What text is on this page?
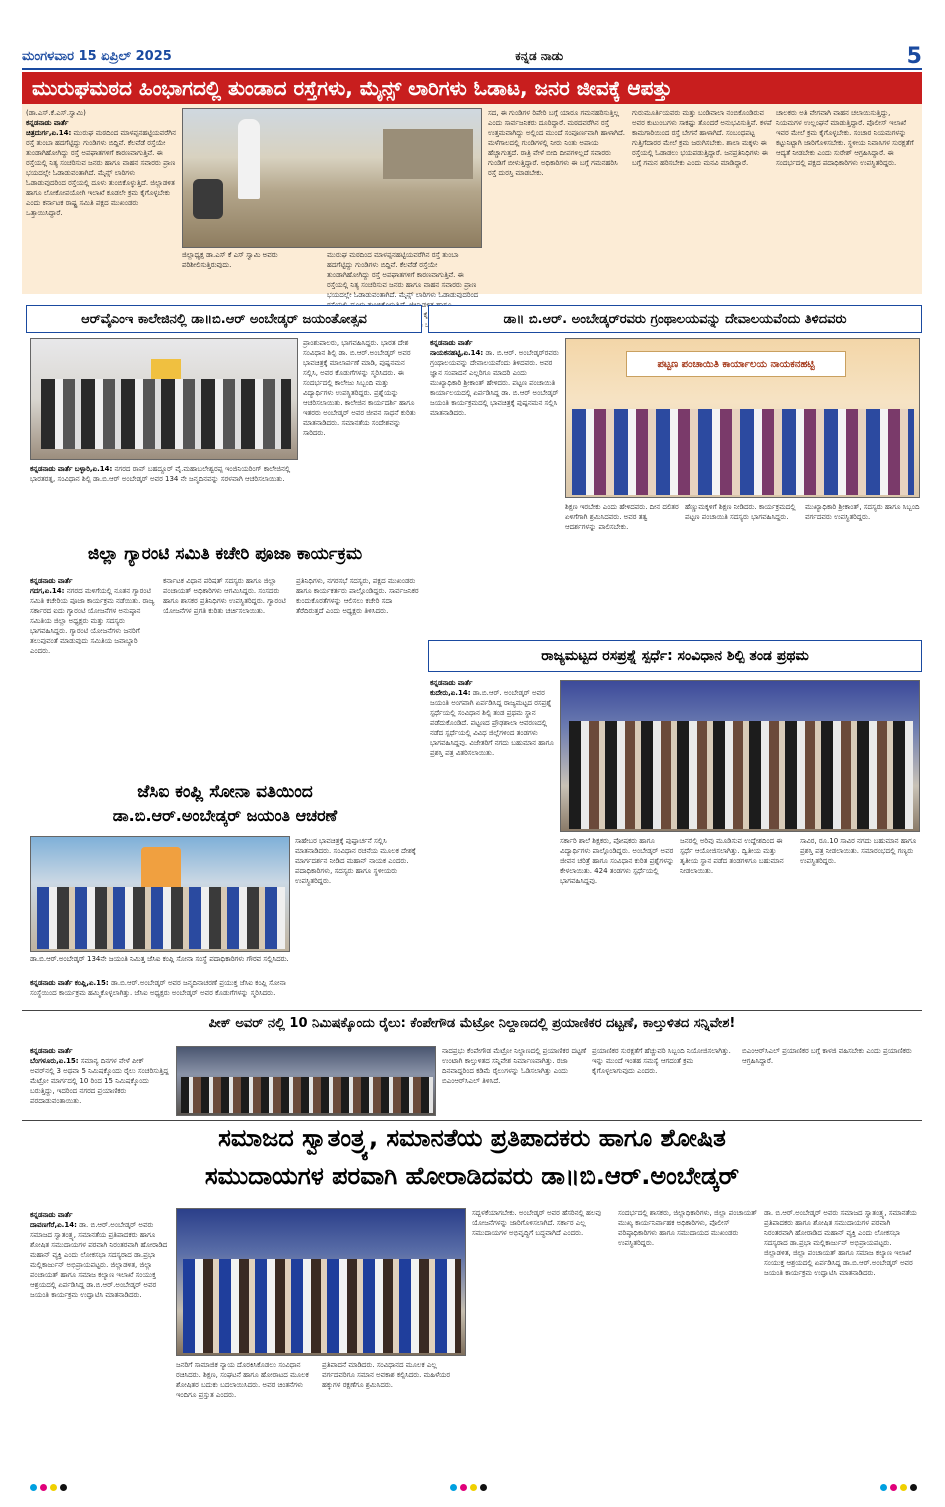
ಮಂಗಳವಾರ 15 ಏಪ್ರಿಲ್ 2025	ಕನ್ನಡ ನಾಡು	5
ಮುರುಘಮಠದ ಹಿಂಭಾಗದಲ್ಲಿ ತುಂಡಾದ ರಸ್ತೆಗಳು, ಮೈನ್ಸ್ ಲಾರಿಗಳು ಓಡಾಟ, ಜನರ ಜೀವಕ್ಕೆ ಆಪತ್ತು
(ಡಾ.ಎಸ್.ಕೆ.ಎಸ್.ಸ್ವಾಮಿ)
ಕನ್ನಡನಾಡು ವಾರ್ತೆ
ಚಿತ್ರದುರ್ಗ,ಏ.14: ಮುರುಘ ಮಠದಿಂದ ಮಾಳಪ್ಪನಹಟ್ಟಿಯವರೆಗಿನ ರಸ್ತೆ ತುಂಬಾ ಹದಗೆಟ್ಟಿದ್ದು ಗುಂಡಿಗಳು ಬಿದ್ದಿವೆ. ಕೆಲವೆಡೆ ರಸ್ತೆಯೇ ತುಂಡಾಗಿಹೋಗಿದ್ದು ರಸ್ತೆ ಅಪಘಾತಗಳಿಗೆ ಕಾರಣವಾಗುತ್ತಿವೆ. ಈ ರಸ್ತೆಯಲ್ಲಿ ನಿತ್ಯ ಸಂಚರಿಸುವ ಜನರು ಹಾಗೂ ವಾಹನ ಸವಾರರು ಪ್ರಾಣ ಭಯದಲ್ಲೇ ಓಡಾಡುವಂತಾಗಿದೆ. ಮೈನ್ಸ್ ಲಾರಿಗಳು ಓಡಾಡುವುದರಿಂದ ರಸ್ತೆಯಲ್ಲಿ ದೂಳು ತುಂಬಿಕೊಳ್ಳುತ್ತಿದೆ. ಜಿಲ್ಲಾಡಳಿತ ಹಾಗೂ ಲೋಕೋಪಯೋಗಿ ಇಲಾಖೆ ಕೂಡಲೇ ಕ್ರಮ ಕೈಗೊಳ್ಳಬೇಕು ಎಂದು ಕರ್ನಾಟಕ ರಾಷ್ಟ್ರ ಸಮಿತಿ ಪಕ್ಷದ ಮುಖಂಡರು ಒತ್ತಾಯಿಸಿದ್ದಾರೆ.
ಜಿಲ್ಲಾಧ್ಯಕ್ಷ ಡಾ.ಎಸ್ ಕೆ ಎಸ್ ಸ್ವಾಮಿ ಅವರು ಪರಿಶೀಲಿಸುತ್ತಿರುವುದು.
ಮುರುಘ ಮಠದಿಂದ ಮಾಳಪ್ಪನಹಟ್ಟಿಯವರೆಗಿನ ರಸ್ತೆ ತುಂಬಾ ಹದಗೆಟ್ಟಿದ್ದು ಗುಂಡಿಗಳು ಬಿದ್ದಿವೆ. ಕೆಲವೆಡೆ ರಸ್ತೆಯೇ ತುಂಡಾಗಿಹೋಗಿದ್ದು ರಸ್ತೆ ಅಪಘಾತಗಳಿಗೆ ಕಾರಣವಾಗುತ್ತಿವೆ. ಈ ರಸ್ತೆಯಲ್ಲಿ ನಿತ್ಯ ಸಂಚರಿಸುವ ಜನರು ಹಾಗೂ ವಾಹನ ಸವಾರರು ಪ್ರಾಣ ಭಯದಲ್ಲೇ ಓಡಾಡುವಂತಾಗಿದೆ. ಮೈನ್ಸ್ ಲಾರಿಗಳು ಓಡಾಡುವುದರಿಂದ
ಸದ, ಈ ಗುಂಡಿಗಳ ರಿಪೇರಿ ಬಗ್ಗೆ ಯಾರೂ ಗಮನಹರಿಸುತ್ತಿಲ್ಲ ಎಂದು ಸಾರ್ವಜನಿಕರು ದೂರಿದ್ದಾರೆ. ಮಠದವರೆಗಿನ ರಸ್ತೆ ಉತ್ತಮವಾಗಿದ್ದು ಅಲ್ಲಿಂದ ಮುಂದೆ ಸಂಪೂರ್ಣವಾಗಿ ಹಾಳಾಗಿದೆ. ಮಳೆಗಾಲದಲ್ಲಿ ಗುಂಡಿಗಳಲ್ಲಿ ನೀರು ನಿಂತು ಅಪಾಯ ಹೆಚ್ಚಾಗುತ್ತದೆ. ರಾತ್ರಿ ವೇಳೆ ಬೀದಿ ದೀಪಗಳಿಲ್ಲದೆ ಸವಾರರು ಗುಂಡಿಗೆ ಬೀಳುತ್ತಿದ್ದಾರೆ. ಅಧಿಕಾರಿಗಳು ಈ ಬಗ್ಗೆ ಗಮನಹರಿಸಿ ರಸ್ತೆ ದುರಸ್ತಿ ಮಾಡಬೇಕು.
ಗುರುಮೂರ್ತಿಯವರು ಮತ್ತು ಬಂಡಿವಾಲಾ ನಂಬಿಕೊಂಡಿರುವ ಅವರ ಕುಟುಂಬಗಳು ಸಾಕಷ್ಟು ತೊಂದರೆ ಅನುಭವಿಸುತ್ತಿವೆ. ಕಳಪೆ ಕಾಮಗಾರಿಯಿಂದ ರಸ್ತೆ ಬೇಗನೆ ಹಾಳಾಗಿದೆ. ಸಂಬಂಧಪಟ್ಟ ಗುತ್ತಿಗೆದಾರರ ಮೇಲೆ ಕ್ರಮ ಜರುಗಿಸಬೇಕು. ಶಾಲಾ ಮಕ್ಕಳು ಈ ರಸ್ತೆಯಲ್ಲಿ ಓಡಾಡಲು ಭಯಪಡುತ್ತಿದ್ದಾರೆ. ಜನಪ್ರತಿನಿಧಿಗಳು ಈ ಬಗ್ಗೆ ಗಮನ ಹರಿಸಬೇಕು ಎಂದು ಮನವಿ ಮಾಡಿದ್ದಾರೆ.
ಚಾಲಕರು ಅತಿ ವೇಗವಾಗಿ ವಾಹನ ಚಲಾಯಿಸುತ್ತಿದ್ದು, ನಿಯಮಗಳ ಉಲ್ಲಂಘನೆ ಮಾಡುತ್ತಿದ್ದಾರೆ. ಪೊಲೀಸ್ ಇಲಾಖೆ ಇವರ ಮೇಲೆ ಕ್ರಮ ಕೈಗೊಳ್ಳಬೇಕು. ಸಂಚಾರ ನಿಯಮಗಳನ್ನು ಕಟ್ಟುನಿಟ್ಟಾಗಿ ಜಾರಿಗೊಳಿಸಬೇಕು. ಸ್ಥಳೀಯ ನಿವಾಸಿಗಳ ಸುರಕ್ಷತೆಗೆ ಆದ್ಯತೆ ನೀಡಬೇಕು ಎಂದು ಸುರೇಶ್ ಆಗ್ರಹಿಸಿದ್ದಾರೆ. ಈ ಸಂದರ್ಭದಲ್ಲಿ ಪಕ್ಷದ ಪದಾಧಿಕಾರಿಗಳು ಉಪಸ್ಥಿತರಿದ್ದರು.
ಆರ್‌ವೈಎಂಇ ಕಾಲೇಜಿನಲ್ಲಿ ಡಾ॥ಬಿ.ಆರ್ ಅಂಬೇಡ್ಕರ್ ಜಯಂತೋತ್ಸವ
ಕನ್ನಡನಾಡು ವಾರ್ತೆ ಬಳ್ಳಾರಿ,ಏ.14: ನಗರದ ರಾವ್ ಬಹದ್ದೂರ್ ವೈ.ಮಹಾಬಲೇಶ್ವರಪ್ಪ ಇಂಜಿನಿಯರಿಂಗ್ ಕಾಲೇಜಿನಲ್ಲಿ ಭಾರತರತ್ನ, ಸಂವಿಧಾನ ಶಿಲ್ಪಿ ಡಾ.ಬಿ.ಆರ್ ಅಂಬೇಡ್ಕರ್ ಅವರ 134 ನೇ ಜನ್ಮದಿನವನ್ನು ಸರಳವಾಗಿ ಆಚರಿಸಲಾಯಿತು.
ಪ್ರಾಂಶುಪಾಲರು, ಭಾಗವಹಿಸಿದ್ದರು. ಭಾರತ ದೇಶ ಸಂವಿಧಾನ ಶಿಲ್ಪಿ ಡಾ. ಬಿ.ಆರ್.ಅಂಬೇಡ್ಕರ್ ಅವರ ಭಾವಚಿತ್ರಕ್ಕೆ ಮಾಲಾರ್ಪಣೆ ಮಾಡಿ, ಪುಷ್ಪನಮನ ಸಲ್ಲಿಸಿ, ಅವರ ಕೊಡುಗೆಗಳನ್ನು ಸ್ಮರಿಸಿದರು. ಈ ಸಂದರ್ಭದಲ್ಲಿ ಕಾಲೇಜು ಸಿಬ್ಬಂದಿ ಮತ್ತು ವಿದ್ಯಾರ್ಥಿಗಳು ಉಪಸ್ಥಿತರಿದ್ದರು. ಪ್ರಶ್ನೆಯನ್ನು ಆಚರಿಸಲಾಯಿತು. ಕಾಲೇಜಿನ ಕಾರ್ಯದರ್ಶಿ ಹಾಗೂ ಇತರರು ಅಂಬೇಡ್ಕರ್ ಅವರ ಜೀವನ ಸಾಧನೆ ಕುರಿತು ಮಾತನಾಡಿದರು. ಸಮಾನತೆಯ ಸಂದೇಶವನ್ನು ಸಾರಿದರು.
ಡಾ॥ ಬಿ.ಆರ್. ಅಂಬೇಡ್ಕರ್‌ರವರು ಗ್ರಂಥಾಲಯವನ್ನು ದೇವಾಲಯವೆಂದು ತಿಳಿದವರು
ಕನ್ನಡನಾಡು ವಾರ್ತೆ
ನಾಯಕನಹಟ್ಟಿ,ಏ.14: ಡಾ. ಬಿ.ಆರ್. ಅಂಬೇಡ್ಕರ್‌ರವರು ಗ್ರಂಥಾಲಯವನ್ನು ದೇವಾಲಯವೆಂದು ತಿಳಿದವರು. ಅವರ ಜ್ಞಾನ ಸಂಪಾದನೆ ಎಲ್ಲರಿಗೂ ಮಾದರಿ ಎಂದು ಮುಖ್ಯಾಧಿಕಾರಿ ಶ್ರೀಕಾಂತ್ ಹೇಳಿದರು. ಪಟ್ಟಣ ಪಂಚಾಯಿತಿ ಕಾರ್ಯಾಲಯದಲ್ಲಿ ಏರ್ಪಡಿಸಿದ್ದ ಡಾ. ಬಿ.ಆರ್ ಅಂಬೇಡ್ಕರ್ ಜಯಂತಿ ಕಾರ್ಯಕ್ರಮದಲ್ಲಿ ಭಾವಚಿತ್ರಕ್ಕೆ ಪುಷ್ಪನಮನ ಸಲ್ಲಿಸಿ ಮಾತನಾಡಿದರು.
ಪಟ್ಟಣ ಪಂಚಾಯಿತಿ ಕಾರ್ಯಾಲಯ ನಾಯಕನಹಟ್ಟಿ
ಶಿಕ್ಷಣ ಇರಬೇಕು ಎಂದು ಹೇಳಿದವರು. ದೀನ ದಲಿತರ ಏಳಿಗೆಗಾಗಿ ಶ್ರಮಿಸಿದವರು. ಅವರ ತತ್ವ ಆದರ್ಶಗಳನ್ನು ಪಾಲಿಸಬೇಕು.
ಹೆಣ್ಣುಮಕ್ಕಳಿಗೆ ಶಿಕ್ಷಣ ನೀಡಿದರು. ಕಾರ್ಯಕ್ರಮದಲ್ಲಿ ಪಟ್ಟಣ ಪಂಚಾಯಿತಿ ಸದಸ್ಯರು ಭಾಗವಹಿಸಿದ್ದರು.
ಮುಖ್ಯಾಧಿಕಾರಿ ಶ್ರೀಕಾಂತ್, ಸದಸ್ಯರು ಹಾಗೂ ಸಿಬ್ಬಂದಿ ವರ್ಗದವರು ಉಪಸ್ಥಿತರಿದ್ದರು.
ಜಿಲ್ಲಾ ಗ್ಯಾರಂಟಿ ಸಮಿತಿ ಕಚೇರಿ ಪೂಜಾ ಕಾರ್ಯಕ್ರಮ
ಕನ್ನಡನಾಡು ವಾರ್ತೆ
ಗದಗ,ಏ.14: ನಗರದ ಮಳಿಗೆಯಲ್ಲಿ ನೂತನ ಗ್ಯಾರಂಟಿ ಸಮಿತಿ ಕಚೇರಿಯ ಪೂಜಾ ಕಾರ್ಯಕ್ರಮ ನಡೆಯಿತು. ರಾಜ್ಯ ಸರ್ಕಾರದ ಐದು ಗ್ಯಾರಂಟಿ ಯೋಜನೆಗಳ ಅನುಷ್ಠಾನ ಸಮಿತಿಯ ಜಿಲ್ಲಾ ಅಧ್ಯಕ್ಷರು ಮತ್ತು ಸದಸ್ಯರು ಭಾಗವಹಿಸಿದ್ದರು. ಗ್ಯಾರಂಟಿ ಯೋಜನೆಗಳು ಜನರಿಗೆ ತಲುಪುವಂತೆ ಮಾಡುವುದು ಸಮಿತಿಯ ಜವಾಬ್ದಾರಿ ಎಂದರು.
ಕರ್ನಾಟಕ ವಿಧಾನ ಪರಿಷತ್ ಸದಸ್ಯರು ಹಾಗೂ ಜಿಲ್ಲಾ ಪಂಚಾಯತ್ ಅಧಿಕಾರಿಗಳು ಆಗಮಿಸಿದ್ದರು. ಸಂಸದರು ಹಾಗೂ ಶಾಸಕರ ಪ್ರತಿನಿಧಿಗಳು ಉಪಸ್ಥಿತರಿದ್ದರು. ಗ್ಯಾರಂಟಿ ಯೋಜನೆಗಳ ಪ್ರಗತಿ ಕುರಿತು ಚರ್ಚಿಸಲಾಯಿತು.
ಪ್ರತಿನಿಧಿಗಳು, ನಗರಸಭೆ ಸದಸ್ಯರು, ಪಕ್ಷದ ಮುಖಂಡರು ಹಾಗೂ ಕಾರ್ಯಕರ್ತರು ಪಾಲ್ಗೊಂಡಿದ್ದರು. ಸಾರ್ವಜನಿಕರ ಕುಂದುಕೊರತೆಗಳನ್ನು ಆಲಿಸಲು ಕಚೇರಿ ಸದಾ ತೆರೆದಿರುತ್ತದೆ ಎಂದು ಅಧ್ಯಕ್ಷರು ತಿಳಿಸಿದರು.
ರಾಜ್ಯಮಟ್ಟದ ರಸಪ್ರಶ್ನೆ ಸ್ಪರ್ಧೆ: ಸಂವಿಧಾನ ಶಿಲ್ಪಿ ತಂಡ ಪ್ರಥಮ
ಕನ್ನಡನಾಡು ವಾರ್ತೆ
ಕುದೇರು,ಏ.14: ಡಾ.ಬಿ.ಆರ್. ಅಂಬೇಡ್ಕರ್ ಅವರ ಜಯಂತಿ ಅಂಗವಾಗಿ ಏರ್ಪಡಿಸಿದ್ದ ರಾಜ್ಯಮಟ್ಟದ ರಸಪ್ರಶ್ನೆ ಸ್ಪರ್ಧೆಯಲ್ಲಿ ಸಂವಿಧಾನ ಶಿಲ್ಪಿ ತಂಡ ಪ್ರಥಮ ಸ್ಥಾನ ಪಡೆದುಕೊಂಡಿದೆ. ಪಟ್ಟಣದ ಪ್ರೌಢಶಾಲಾ ಆವರಣದಲ್ಲಿ ನಡೆದ ಸ್ಪರ್ಧೆಯಲ್ಲಿ ವಿವಿಧ ಜಿಲ್ಲೆಗಳಿಂದ ತಂಡಗಳು ಭಾಗವಹಿಸಿದ್ದವು. ವಿಜೇತರಿಗೆ ನಗದು ಬಹುಮಾನ ಹಾಗೂ ಪ್ರಶಸ್ತಿ ಪತ್ರ ವಿತರಿಸಲಾಯಿತು.
ಸರ್ಕಾರಿ ಶಾಲೆ ಶಿಕ್ಷಕರು, ಪೋಷಕರು ಹಾಗೂ ವಿದ್ಯಾರ್ಥಿಗಳು ಪಾಲ್ಗೊಂಡಿದ್ದರು. ಅಂಬೇಡ್ಕರ್ ಅವರ ಜೀವನ ಚರಿತ್ರೆ ಹಾಗೂ ಸಂವಿಧಾನ ಕುರಿತ ಪ್ರಶ್ನೆಗಳನ್ನು ಕೇಳಲಾಯಿತು. 424 ತಂಡಗಳು ಸ್ಪರ್ಧೆಯಲ್ಲಿ ಭಾಗವಹಿಸಿದ್ದವು.
ಜನರಲ್ಲಿ ಅರಿವು ಮೂಡಿಸುವ ಉದ್ದೇಶದಿಂದ ಈ ಸ್ಪರ್ಧೆ ಆಯೋಜಿಸಲಾಗಿತ್ತು. ದ್ವಿತೀಯ ಮತ್ತು ತೃತೀಯ ಸ್ಥಾನ ಪಡೆದ ತಂಡಗಳಿಗೂ ಬಹುಮಾನ ನೀಡಲಾಯಿತು.
ಸಾವಿರ, ರೂ.10 ಸಾವಿರ ನಗದು ಬಹುಮಾನ ಹಾಗೂ ಪ್ರಶಸ್ತಿ ಪತ್ರ ನೀಡಲಾಯಿತು. ಸಮಾರಂಭದಲ್ಲಿ ಗಣ್ಯರು ಉಪಸ್ಥಿತರಿದ್ದರು.
ಜೆಸಿಐ ಕಂಪ್ಲಿ ಸೋನಾ ವತಿಯಿಂದ
ಡಾ.ಬಿ.ಆರ್.ಅಂಬೇಡ್ಕರ್ ಜಯಂತಿ ಆಚರಣೆ
ಡಾ.ಬಿ.ಆರ್.ಅಂಬೇಡ್ಕರ್ 134ನೇ ಜಯಂತಿ ನಿಮಿತ್ತ ಜೆಸಿಐ ಕಂಪ್ಲಿ ಸೋನಾ ಸಂಸ್ಥೆ ಪದಾಧಿಕಾರಿಗಳು ಗೌರವ ಸಲ್ಲಿಸಿದರು.
ಕನ್ನಡನಾಡು ವಾರ್ತೆ ಕಂಪ್ಲಿ,ಏ.15: ಡಾ.ಬಿ.ಆರ್.ಅಂಬೇಡ್ಕರ್ ಅವರ ಜನ್ಮದಿನಾಚರಣೆ ಪ್ರಯುಕ್ತ ಜೆಸಿಐ ಕಂಪ್ಲಿ ಸೋನಾ ಸಂಸ್ಥೆಯಿಂದ ಕಾರ್ಯಕ್ರಮ ಹಮ್ಮಿಕೊಳ್ಳಲಾಗಿತ್ತು. ಜೆಸಿಐ ಅಧ್ಯಕ್ಷರು ಅಂಬೇಡ್ಕರ್ ಅವರ ಕೊಡುಗೆಗಳನ್ನು ಸ್ಮರಿಸಿದರು.
ಸಾಹೇಬರ ಭಾವಚಿತ್ರಕ್ಕೆ ಪುಷ್ಪಾರ್ಚನೆ ಸಲ್ಲಿಸಿ ಮಾತನಾಡಿದರು. ಸಂವಿಧಾನ ರಚನೆಯ ಮೂಲಕ ದೇಶಕ್ಕೆ ಮಾರ್ಗದರ್ಶನ ನೀಡಿದ ಮಹಾನ್ ನಾಯಕ ಎಂದರು. ಪದಾಧಿಕಾರಿಗಳು, ಸದಸ್ಯರು ಹಾಗೂ ಸ್ಥಳೀಯರು ಉಪಸ್ಥಿತರಿದ್ದರು.
ಪೀಕ್ ಅವರ್ ನಲ್ಲಿ 10 ನಿಮಿಷಕ್ಕೊಂದು ರೈಲು: ಕೆಂಪೇಗೌಡ ಮೆಟ್ರೋ ನಿಲ್ದಾಣದಲ್ಲಿ ಪ್ರಯಾಣಿಕರ ದಟ್ಟಣೆ, ಕಾಲ್ತುಳಿತದ ಸನ್ನಿವೇಶ!
ಕನ್ನಡನಾಡು ವಾರ್ತೆ
ಬೆಂಗಳೂರು,ಏ.15: ಸಮಾನ್ಯ ದಿನಗಳ ವೇಳೆ ಪೀಕ್ ಅವರ್‌ನಲ್ಲಿ 3 ಅಥವಾ 5 ನಿಮಿಷಕ್ಕೊಂದು ರೈಲು ಸಂಚರಿಸುತ್ತಿದ್ದ ಮೆಟ್ರೋ ಮಾರ್ಗದಲ್ಲಿ 10 ರಿಂದ 15 ನಿಮಿಷಕ್ಕೊಂದು ಬರುತ್ತಿದ್ದು, ಇದರಿಂದ ನಗರದ ಪ್ರಯಾಣಿಕರು ಪರದಾಡುವಂತಾಯಿತು.
ನಾದಪ್ರಭು ಕೆಂಪೇಗೌಡ ಮೆಟ್ರೋ ನಿಲ್ದಾಣದಲ್ಲಿ ಪ್ರಯಾಣಿಕರ ದಟ್ಟಣೆ ಉಂಟಾಗಿ ಕಾಲ್ತುಳಿತದ ಸನ್ನಿವೇಶ ನಿರ್ಮಾಣವಾಗಿತ್ತು. ರಜಾ ದಿನವಾದ್ದರಿಂದ ಕಡಿಮೆ ರೈಲುಗಳನ್ನು ಓಡಿಸಲಾಗಿತ್ತು ಎಂದು ಬಿಎಂಆರ್‌ಸಿಎಲ್ ತಿಳಿಸಿದೆ.
ಪ್ರಯಾಣಿಕರ ಸುರಕ್ಷತೆಗೆ ಹೆಚ್ಚುವರಿ ಸಿಬ್ಬಂದಿ ನಿಯೋಜಿಸಲಾಗಿತ್ತು. ಇನ್ನು ಮುಂದೆ ಇಂತಹ ಸಮಸ್ಯೆ ಆಗದಂತೆ ಕ್ರಮ ಕೈಗೊಳ್ಳಲಾಗುವುದು ಎಂದರು.
ಬಿಎಂಆರ್‌ಸಿಎಲ್ ಪ್ರಯಾಣಿಕರ ಬಗ್ಗೆ ಕಾಳಜಿ ವಹಿಸಬೇಕು ಎಂದು ಪ್ರಯಾಣಿಕರು ಆಗ್ರಹಿಸಿದ್ದಾರೆ.
ಸಮಾಜದ ಸ್ವಾತಂತ್ರ್ಯ, ಸಮಾನತೆಯ ಪ್ರತಿಪಾದಕರು ಹಾಗೂ ಶೋಷಿತ
ಸಮುದಾಯಗಳ ಪರವಾಗಿ ಹೋರಾಡಿದವರು ಡಾ॥ಬಿ.ಆರ್.ಅಂಬೇಡ್ಕರ್
ಕನ್ನಡನಾಡು ವಾರ್ತೆ
ದಾವಣಗೆರೆ,ಏ.14: ಡಾ. ಬಿ.ಆರ್.ಅಂಬೇಡ್ಕರ್ ಅವರು ಸಮಾಜದ ಸ್ವಾತಂತ್ರ್ಯ, ಸಮಾನತೆಯ ಪ್ರತಿಪಾದಕರು ಹಾಗೂ ಶೋಷಿತ ಸಮುದಾಯಗಳ ಪರವಾಗಿ ನಿರಂತರವಾಗಿ ಹೋರಾಡಿದ ಮಹಾನ್ ವ್ಯಕ್ತಿ ಎಂದು ಲೋಕಸಭಾ ಸದಸ್ಯರಾದ ಡಾ.ಪ್ರಭಾ ಮಲ್ಲಿಕಾರ್ಜುನ್ ಅಭಿಪ್ರಾಯಪಟ್ಟರು. ಜಿಲ್ಲಾಡಳಿತ, ಜಿಲ್ಲಾ ಪಂಚಾಯತ್ ಹಾಗೂ ಸಮಾಜ ಕಲ್ಯಾಣ ಇಲಾಖೆ ಸಂಯುಕ್ತ ಆಶ್ರಯದಲ್ಲಿ ಏರ್ಪಡಿಸಿದ್ದ ಡಾ.ಬಿ.ಆರ್.ಅಂಬೇಡ್ಕರ್ ಅವರ ಜಯಂತಿ ಕಾರ್ಯಕ್ರಮ ಉದ್ಘಾಟಿಸಿ ಮಾತನಾಡಿದರು.
ಜನರಿಗೆ ಸಾಮಾಜಿಕ ನ್ಯಾಯ ದೊರಕಿಸಿಕೊಡಲು ಸಂವಿಧಾನ ರಚಿಸಿದರು. ಶಿಕ್ಷಣ, ಸಂಘಟನೆ ಹಾಗೂ ಹೋರಾಟದ ಮೂಲಕ ಶೋಷಿತರ ಬದುಕು ಬದಲಾಯಿಸಿದರು. ಅವರ ಚಿಂತನೆಗಳು ಇಂದಿಗೂ ಪ್ರಸ್ತುತ ಎಂದರು.
ಪ್ರತಿಪಾದನೆ ಮಾಡಿದರು. ಸಂವಿಧಾನದ ಮೂಲಕ ಎಲ್ಲ ವರ್ಗದವರಿಗೂ ಸಮಾನ ಅವಕಾಶ ಕಲ್ಪಿಸಿದರು. ಮಹಿಳೆಯರ ಹಕ್ಕುಗಳ ರಕ್ಷಣೆಗೂ ಶ್ರಮಿಸಿದರು.
ಸದ್ಬಳಕೆಯಾಗಬೇಕು. ಅಂಬೇಡ್ಕರ್ ಅವರ ಹೆಸರಿನಲ್ಲಿ ಹಲವು ಯೋಜನೆಗಳನ್ನು ಜಾರಿಗೊಳಿಸಲಾಗಿದೆ. ಸರ್ಕಾರ ಎಲ್ಲ ಸಮುದಾಯಗಳ ಅಭಿವೃದ್ಧಿಗೆ ಬದ್ಧವಾಗಿದೆ ಎಂದರು.
ಸಂದರ್ಭದಲ್ಲಿ ಶಾಸಕರು, ಜಿಲ್ಲಾಧಿಕಾರಿಗಳು, ಜಿಲ್ಲಾ ಪಂಚಾಯತ್ ಮುಖ್ಯ ಕಾರ್ಯನಿರ್ವಾಹಕ ಅಧಿಕಾರಿಗಳು, ಪೊಲೀಸ್ ವರಿಷ್ಠಾಧಿಕಾರಿಗಳು ಹಾಗೂ ಸಮುದಾಯದ ಮುಖಂಡರು ಉಪಸ್ಥಿತರಿದ್ದರು.
ಡಾ. ಬಿ.ಆರ್.ಅಂಬೇಡ್ಕರ್ ಅವರು ಸಮಾಜದ ಸ್ವಾತಂತ್ರ್ಯ, ಸಮಾನತೆಯ ಪ್ರತಿಪಾದಕರು ಹಾಗೂ ಶೋಷಿತ ಸಮುದಾಯಗಳ ಪರವಾಗಿ ನಿರಂತರವಾಗಿ ಹೋರಾಡಿದ ಮಹಾನ್ ವ್ಯಕ್ತಿ ಎಂದು ಲೋಕಸಭಾ ಸದಸ್ಯರಾದ ಡಾ.ಪ್ರಭಾ ಮಲ್ಲಿಕಾರ್ಜುನ್ ಅಭಿಪ್ರಾಯಪಟ್ಟರು. ಜಿಲ್ಲಾಡಳಿತ, ಜಿಲ್ಲಾ ಪಂಚಾಯತ್ ಹಾಗೂ ಸಮಾಜ ಕಲ್ಯಾಣ ಇಲಾಖೆ ಸಂಯುಕ್ತ ಆಶ್ರಯದಲ್ಲಿ ಏರ್ಪಡಿಸಿದ್ದ ಡಾ.ಬಿ.ಆರ್.ಅಂಬೇಡ್ಕರ್ ಅವರ ಜಯಂತಿ ಕಾರ್ಯಕ್ರಮ ಉದ್ಘಾಟಿಸಿ ಮಾತನಾಡಿದರು.
